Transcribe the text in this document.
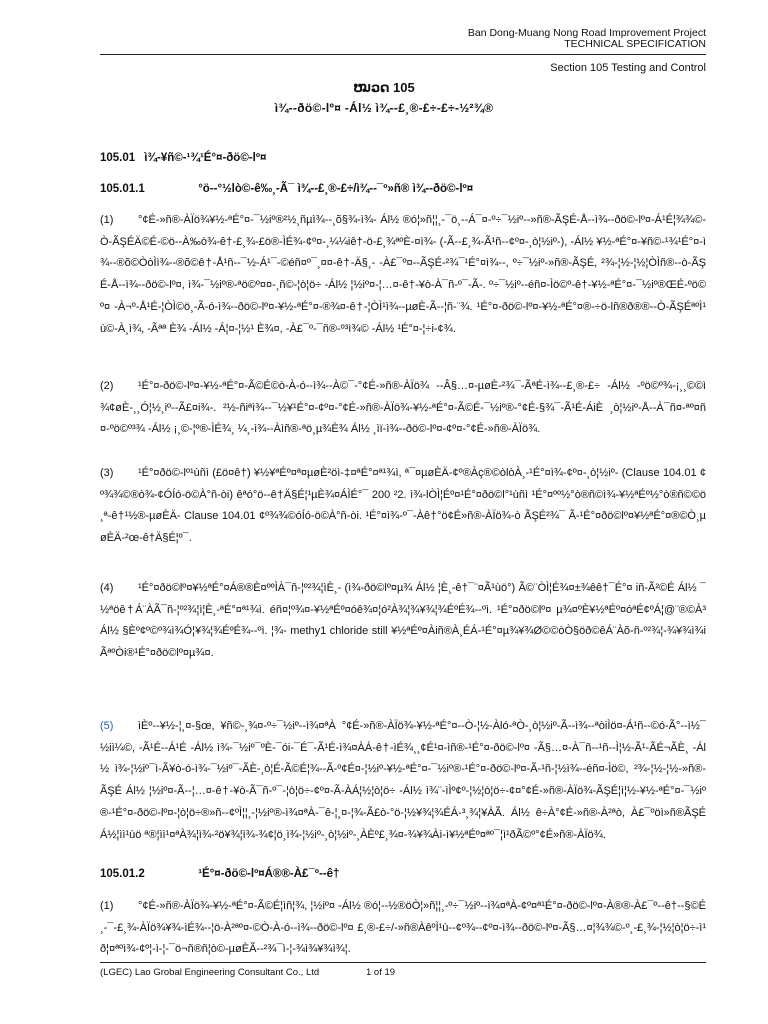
Ban Dong-Muang Nong Road Improvement Project
TECHNICAL SPECIFICATION
Section 105 Testing and Control
ໝວດ 105
ì¾--ðö©-lº¤ -Ál½ ì¾--£¸®-£÷-£÷-½²¾®
105.01 ì¾-¥ñ©-¹¾¹É°¤-ðö©-lº¤
105.01.1	°ö--°½lò©-ê‰¸-Ã¯ ì¾--£¸®-£÷/ì¾--¯º»ñ® ì¾--ðö©-lº¤
(1) °¢É-»ñ®-ÀÏö¾¥½-ªÉ°¤-¯½iº®²½¸ñµì¾--¸õ§¾-ì¾- Ál½ ®ó¦»ñ¦¦¸-¯ö¸--Á¯¤-º÷¯½iº--»ñ®-ÃŞÉ-Å--ì¾--ðö©-lº¤-Á¹É¦¾¾©-Ò-ÃŞÉÄ©É-©ö--À‰ò¾-ê†-£¸¾-£ö®-ÌÉ¾-¢º¤-¸¼¼iê†-ö-£¸¾ªºÈ-¤ì¾- (-Ã--£¸¾-Ã¹ñ--¢º¤-¸ò¦½iº-), -Ál½ ¥½-ªÉ°¤-¥ñ©-¹¾¹É°¤-ì¾--®õ©ÒòÌì¾--®õ©ê†-Å¹ñ--¯½-Á¹¯-©éñ¤º¯¸¤¤-ê†-Ä§¸- -À£¯º¤--ÃŞÉ-²¾¯¹É°¤ì¾--, º÷¯½iº-»ñ®-ÃŞÉ, ²¾-¦½-¦½¦ÒÌñ®--ò-ÃŞÉ-Å--ì¾--ðö©-lº¤, ì¾-¯½iº®-ªö©º¤¤-¸ñ©-¦ò¦ö÷ -Ál½ ¦½iº¤-¦…¤-ê†-¥ò-À¯ñ-º¯-Ã-. º÷¯½iº--éñ¤-Ìö©º-ê†-¥½-ªÉ°¤-¯½iº®ŒÉ-ºö©º¤ -À¬º-Å¹É-¦ÒÌ©ö¸-Ã-ó-ì¾--ðö©-lº¤-¥½-ªÉ°¤-®¾¤-ê†-¦ÒÌ¹ì¾--µøÈ-Ã--¦ñ-¨¾. ¹É°¤-ðö©-lº¤-¥½-ªÉ°¤®-÷ö-lñ®ð®®--Ò-ÃŞÉªºÌ¹ù©-À¸ì¾, -Ãªª È¾ -Ál½ -Á¦¤-¦½¹ È¾¤, -À£¯º-¯ñ®-º³ì¾© -Ál½ ¹É°¤-¦÷i-¢¾.
(2) ¹É°¤-ðö©-lº¤-¥½-ªÉ°¤-Ã©É©ò-À-ó--ì¾--À©¯-°¢É-»ñ®-ÀÏö¾ --Â§…¤-µøÈ-²¾¯-ÃªÉ-ì¾--£¸®-£÷ -Ál½ -ºö©º¾-¡¸¸©©ì¾¢øÈ-¸¸Ó¦½¸iº--Ã£¤i¾-. ²½-ñiªì¾--¯½¥¹É°¤-¢º¤-°¢É-»ñ®-ÀÏö¾-¥½-ªÉ°¤-Ã©É-¯½iº®-°¢É-§¾¯-Ã¹É-ÁiÈ ¸ò¦½iº-Å--À¯ñ¤-ªº¤ñ¤-ºö©º³¾ -Ál½ ¡¸©-¦º®-ÌÉ¾¸ ¼¸-ì¾--Àìñ®-ªö¸µ¾È¾ Ál½ ¸ìï-ì¾--ðö©-lº¤-¢º¤-°¢É-»ñ®-ÀÏö¾.
(3) ¹É°¤ðö©-lº¹ùñì (£ö¤ê†) ¥½¥ªÉº¤ª¤µøÈ²öì-‡¤ªÉ°¤ª¹¾ì, ª¯¤µøÈÄ-¢º®Àç®©òlòÀ¸-¹É°¤ì¾-¢º¤-¸ò¦½iº- (Clause 104.01 ¢º¾¾©®ò¾-¢ÓÍó-ö©À°ñ-òi) êªó°ö--ê†Ä§É¦¹µÈ¾¤ÁÌÉ°¯ 200 ²2. ì¾-lÒÌ¦Éº¤¹É°¤ðö©l°¹ùñì ¹É°¤ºº½°ò®ñ©ì¾-¥½ªÉº½°ò®ñ©©ö¸ª-ê†¹½®-µøÈÄ- Clause 104.01 ¢º¾¾©óÍó-ö©À°ñ-òi. ¹É°¤ì¾-º¯-Àê†°ö¢É»ñ®-ÀÏö¾-ò ÃŞÉ²¾¯ Ã-¹É°¤ðö©lº¤¥½ªÉ°¤®©Ò¸µøÈÄ-²œ-ê†Ä§É¦º¯.
(4) ¹É°¤ðö©lº¤¥½ªÉ°¤Á®®È¤ººÌÀ¯ñ-¦º²¾¦ìÈ¸- (ì¾-ðö©lº¤µ¾ Ál½ ¦È¸-ê†¯¨¤Ã¹ùö°) Ã©¨ÒÌ¦É¾¤±¾êê†¯É°¤ iñ-Ã²©É Ál½ ¯½ªöê†Á¨ÀÃ¯ñ-¦º²¾¦ì¦È¸-ªÉ°¤ª¹¾ì. éñ¤¦º¾¤-¥½ªÉº¤óê¾¤¦ó²À¾¦¾¥¾¦¾ÉºÉ¾--ºì. ¹É°¤ðö©lº¤ µ¾¤ºÈ¥½ªÉº¤óªÉ¢ºÁ¦@¨®©À³ Ál½ §Èº¢º©º¾ì¾Ó¦¥¾¦¾ÉºÉ¾--ºì. ¦¾- methy1 chloride still ¥½ªÉº¤Àiñ®À¸ÉÁ-¹É°¤µ¾¥¾Ø©©òÒ§öð©êÁ¨Àõ-ñ-º²¾¦-¾¥¾ì¾iÃªºÒi®¹É°¤ðö©lº¤µ¾¤.
(5) ìÈº--¥½-¦¸¤-§œ, ¥ñ©-¸¾¤-º÷¯½iº--ì¾¤ªÀ °¢É-»ñ®-ÀÏö¾-¥½-ªÉ°¤--Ò-¦½-Àló-ªÒ-¸ò¦½iº-Ã--ì¾--ªòiÌö¤-Á¹ñ--©ó-Ã°--ì½¯½iì¼©, -Ã¹É--Á¹É -Ál½ ì¾-¯½iº¯ºÈ-¯ói-¯É¯-Ã¹É-ì¾¤ÀÁ-ê†-ìÉ¾¸¸¢É¹¤-ìñ®-¹É°¤-ðö©-lº¤ -Ã§…¤-À¯ñ--¹ñ--Ì¦½-Ã¹-ÃÉ¬ÃÈ¸ -Ál½ ì¾-¦½iº¯ì-Ã¥ò-ó-ì¾-¯½iº¯-ÃÈ-¸ò¦É-Ã©É¦¾--Ã-º¢É¤-¦½iº-¥½-ªÉ°¤-¯½iº®-¹É°¤-ðö©-lº¤-Ã-¹ñ-¦½ì¾--éñ¤-Ìö©, ²¾-¦½-¦½-»ñ®-ÃŞÉ Ál½ ¦½iº¤-Ã--¦…¤-ê†-¥ò-Ã¯ñ-º¯-¦ò¦ö÷-¢º¤-Ã-ÀÁ¦½¦ò¦ö÷ -Ál½ ì¾¨-ìÌº¢º-¦½¦ò¦ö÷-¢¤°¢É-»ñ®-ÀÏö¾-ÃŞÉ¦ì¦½-¥½-ªÉ°¤-¯½iº®-¹É°¤-ðö©-lº¤-¦ò¦ö÷®»ñ--¢ºÌ¦¦¸-¦½iº®-ì¾¤ªÀ-¯ê-¦¸¤-¦¾-Ã£ò-°ö-¦½¥¾¦¾ÉÁ-³¸¾¦¥ÀÃ. Ál½ ê÷À°¢É-»ñ®-À²ªò, À£¯ºöì»ñ®ÃŞÉ Á½¦ìì¹ùö ª®¦ìì¹¤ªÀ¾¦ì¾-²ö¥¾¦ì¾-¾¢¦ö¸ì¾-¦½iº-¸ò¦½iº-¸ÀÈº£¸¾¤-¾¥¾Àì-ì¥½ªÉº¤ªº¯¦ì¹ðÃ©º°¢É»ñ®-ÀÏö¾.
105.01.2	¹É°¤-ðö©-lº¤Á®®-À£¯º--ê†
(1) °¢É-»ñ®-ÀÏö¾-¥½-ªÉ°¤-Ã©É¦ìñ¦¾, ¦½iº¤ -Ál½ ®ó¦--½®öÒ¦»ñ¦¦¸-º÷¯½iº--ì¾¤ªÀ-¢º¤ª¹É°¤-ðö©-lº¤-À®®-À£¯º--ê†--§©É¸-¯-£¸¾-ÀÏö¾¥¾-ìÉ¾--¦ö-À²ªº¤-©Ò-À-ó--ì¾--ðö©-lº¤ £¸®-£÷/-»ñ®ÀêºÌ¹ù--¢º¾--¢º¤-ì¾--ðö©-lº¤-Ã§…¤¦¾¾©-º¸-£¸¾-¦½¦ò¦ö÷-ì¹ð¦¤ªºì¾-¢º¦-ì-¦-¯ö¬ñ®ñ¦ò©-µøÈÃ--²¾¯ì-¦-¾ì¾¥¾ì¾¦.
(LGEC) Lao Grobal Engineering Consultant Co., Ltd	1 of 19
